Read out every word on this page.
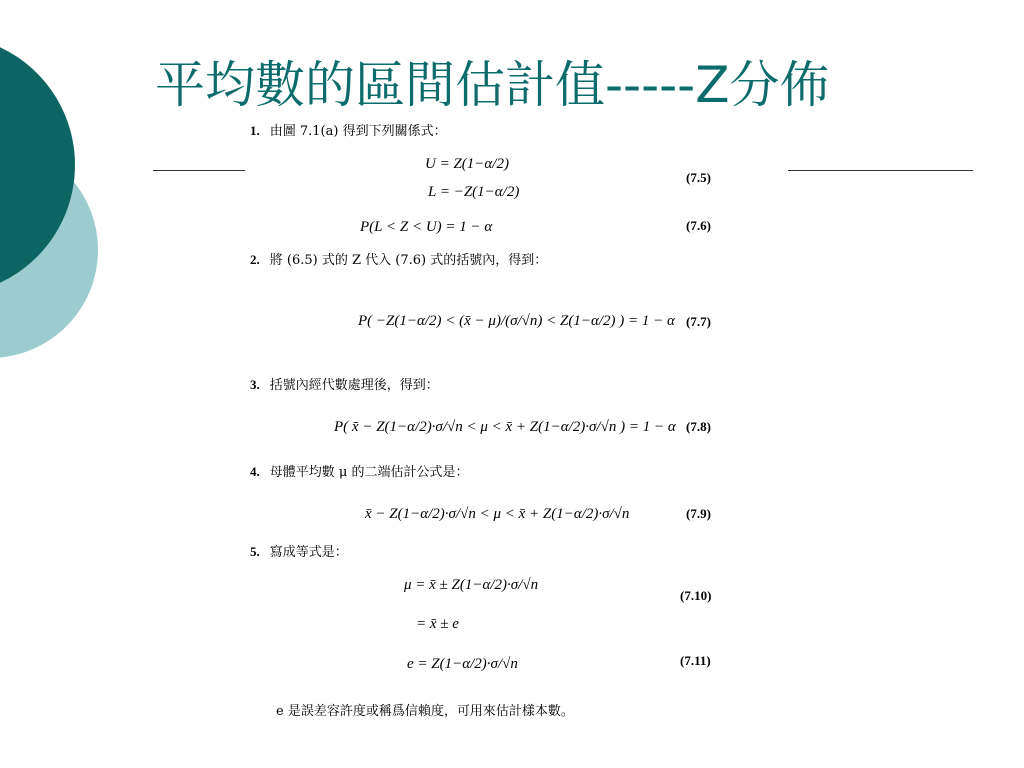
平均數的區間估計值-----Z分佈
1. 由圖 7.1(a) 得到下列關係式：
2. 將 (6.5) 式的 Z 代入 (7.6) 式的括號內，得到：
3. 括號內經代數處理後，得到：
4. 母體平均數 μ 的二端估計公式是：
5. 寫成等式是：
U = Z(1−α/2)
L = −Z(1−α/2)
(7.5)
P(L < Z < U) = 1 − α	(7.6)
P( −Z(1−α/2) < (x̄ − μ)/(σ/√n) < Z(1−α/2) ) = 1 − α (7.7)
P( x̄ − Z(1−α/2)·σ/√n < μ < x̄ + Z(1−α/2)·σ/√n ) = 1 − α (7.8)
x̄ − Z(1−α/2)·σ/√n < μ < x̄ + Z(1−α/2)·σ/√n	(7.9)
μ = x̄ ± Z(1−α/2)·σ/√n
= x̄ ± e
(7.10)
e = Z(1−α/2)·σ/√n	(7.11)
e 是誤差容許度或稱爲信賴度，可用來估計樣本數。
